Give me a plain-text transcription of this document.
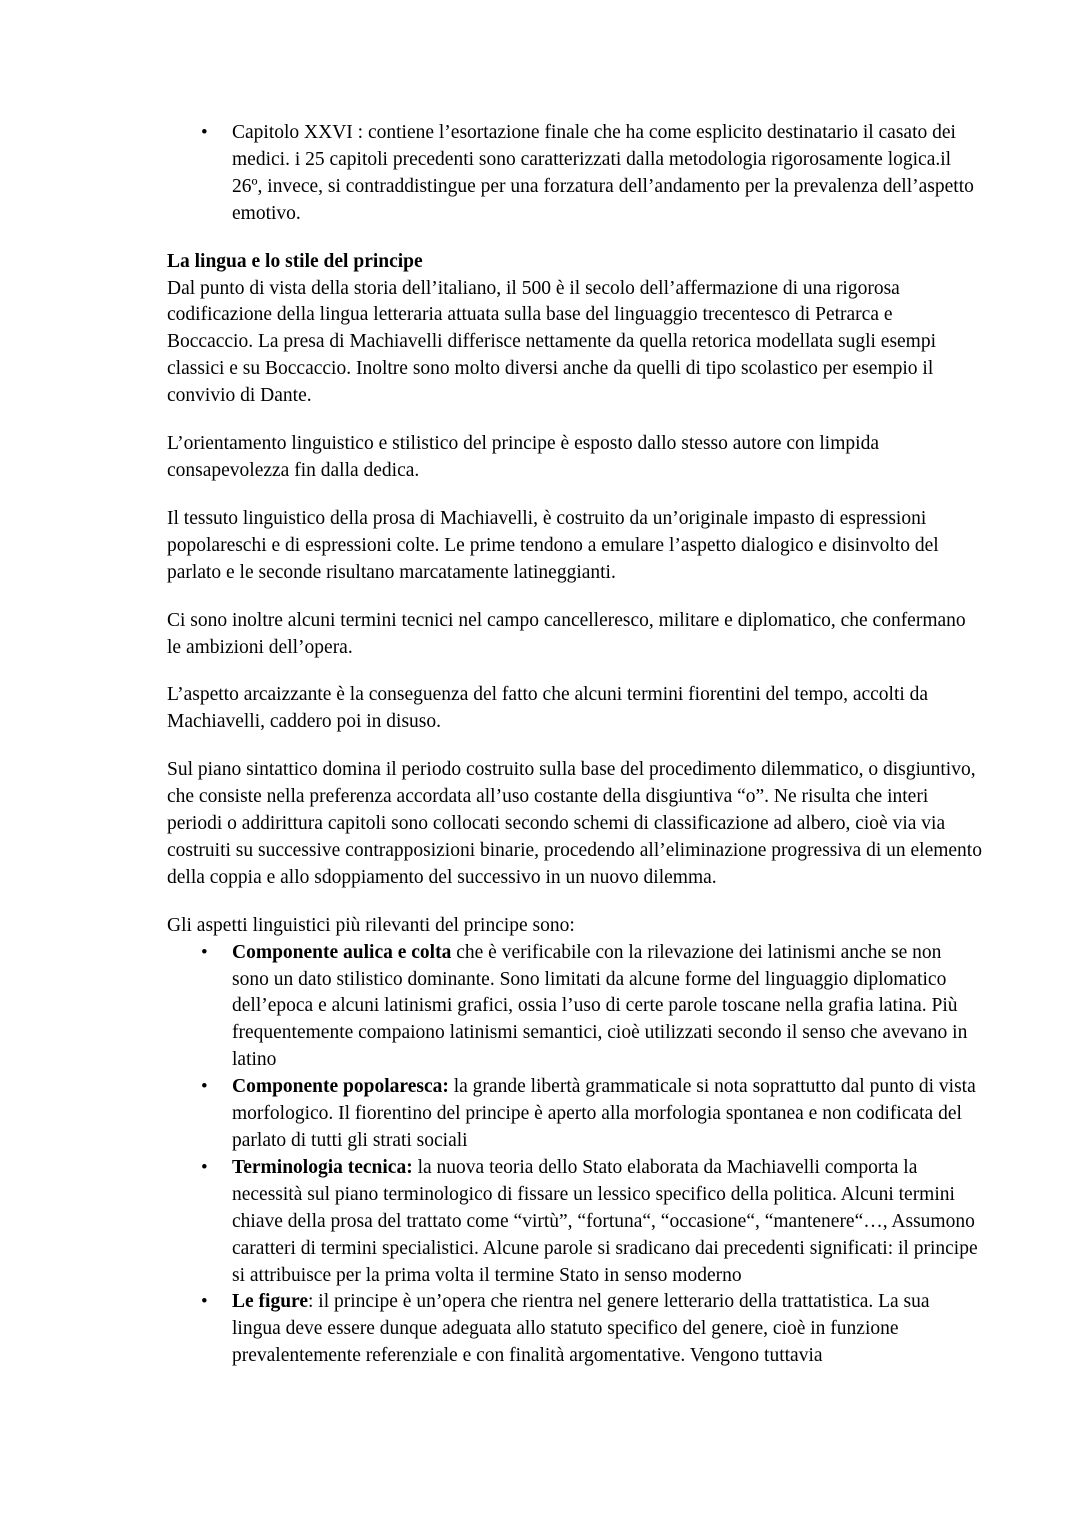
• Capitolo XXVI : contiene l’esortazione finale che ha come esplicito destinatario il casato dei medici. i 25 capitoli precedenti sono caratterizzati dalla metodologia rigorosamente logica.il 26º, invece, si contraddistingue per una forzatura dell’andamento per la prevalenza dell’aspetto emotivo.

La lingua e lo stile del principe

Dal punto di vista della storia dell’italiano, il 500 è il secolo dell’affermazione di una rigorosa codificazione della lingua letteraria attuata sulla base del linguaggio trecentesco di Petrarca e Boccaccio. La presa di Machiavelli differisce nettamente da quella retorica modellata sugli esempi classici e su Boccaccio. Inoltre sono molto diversi anche da quelli di tipo scolastico per esempio il convivio di Dante.

L’orientamento linguistico e stilistico del principe è esposto dallo stesso autore con limpida consapevolezza fin dalla dedica.

Il tessuto linguistico della prosa di Machiavelli, è costruito da un’originale impasto di espressioni popolareschi e di espressioni colte. Le prime tendono a emulare l’aspetto dialogico e disinvolto del parlato e le seconde risultano marcatamente latineggianti.

Ci sono inoltre alcuni termini tecnici nel campo cancelleresco, militare e diplomatico, che confermano le ambizioni dell’opera.

L’aspetto arcaizzante è la conseguenza del fatto che alcuni termini fiorentini del tempo, accolti da Machiavelli, caddero poi in disuso.

Sul piano sintattico domina il periodo costruito sulla base del procedimento dilemmatico, o disgiuntivo, che consiste nella preferenza accordata all’uso costante della disgiuntiva “o”. Ne risulta che interi periodi o addirittura capitoli sono collocati secondo schemi di classificazione ad albero, cioè via via costruiti su successive contrapposizioni binarie, procedendo all’eliminazione progressiva di un elemento della coppia e allo sdoppiamento del successivo in un nuovo dilemma.

Gli aspetti linguistici più rilevanti del principe sono:

• Componente aulica e colta che è verificabile con la rilevazione dei latinismi anche se non sono un dato stilistico dominante. Sono limitati da alcune forme del linguaggio diplomatico dell’epoca e alcuni latinismi grafici, ossia l’uso di certe parole toscane nella grafia latina. Più frequentemente compaiono latinismi semantici, cioè utilizzati secondo il senso che avevano in latino
• Componente popolaresca: la grande libertà grammaticale si nota soprattutto dal punto di vista morfologico. Il fiorentino del principe è aperto alla morfologia spontanea e non codificata del parlato di tutti gli strati sociali
• Terminologia tecnica: la nuova teoria dello Stato elaborata da Machiavelli comporta la necessità sul piano terminologico di fissare un lessico specifico della politica. Alcuni termini chiave della prosa del trattato come “virtù”, “fortuna“, “occasione“, “mantenere“…, Assumono caratteri di termini specialistici. Alcune parole si sradicano dai precedenti significati: il principe si attribuisce per la prima volta il termine Stato in senso moderno
• Le figure: il principe è un’opera che rientra nel genere letterario della trattatistica. La sua lingua deve essere dunque adeguata allo statuto specifico del genere, cioè in funzione prevalentemente referenziale e con finalità argomentative. Vengono tuttavia
